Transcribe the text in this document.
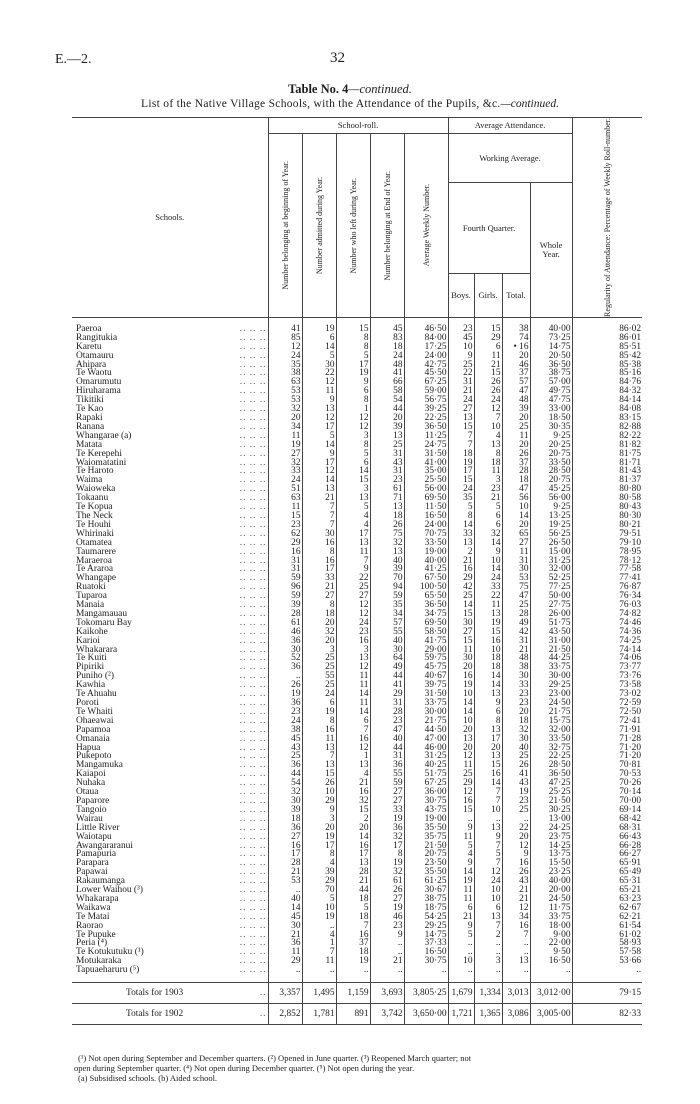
E.—2.	32
Table No. 4—continued.
List of the Native Village Schools, with the Attendance of the Pupils, &c.—continued.
Schools.	School-roll.					Average Attendance.				Regularity of Attendance: Percentage of Weekly Roll-number.

	Number belonging at beginning of Year.	Number admitted during Year.	Number who left during Year.	Number belonging at End of Year.	Average Weekly Number.	Working Average.				
						Fourth Quarter.			Whole Year.	
						Boys.	Girls.	Total.		

Paeroa .. .. ..	41	19	15	45	46·50	23	15	38	40·00	86·02
Rangitukia .. .. ..	85	6	8	83	84·00	45	29	74	73·25	86·01
Karetu .. .. ..	12	14	8	18	17·25	10	6	• 16	14·75	85·51
Otamauru .. .. ..	24	5	5	24	24·00	9	11	20	20·50	85·42
Ahipara .. .. ..	35	30	17	48	42·75	25	21	46	36·50	85·38
Te Waotu .. .. ..	38	22	19	41	45·50	22	15	37	38·75	85·16
Omarumutu .. .. ..	63	12	9	66	67·25	31	26	57	57·00	84·76
Hiruharama .. .. ..	53	11	6	58	59·00	21	26	47	49·75	84·32
Tikitiki .. .. ..	53	9	8	54	56·75	24	24	48	47·75	84·14
Te Kao .. .. ..	32	13	1	44	39·25	27	12	39	33·00	84·08
Rapaki .. .. ..	20	12	12	20	22·25	13	7	20	18·50	83·15
Ranana .. .. ..	34	17	12	39	36·50	15	10	25	30·35	82·88
Whangarae (a) .. .. ..	11	5	3	13	11·25	7	4	11	9·25	82·22
Matata .. .. ..	19	14	8	25	24·75	7	13	20	20·25	81·82
Te Kerepehi .. .. ..	27	9	5	31	31·50	18	8	26	20·75	81·75
Waiomatatini .. .. ..	32	17	6	43	41·00	19	18	37	33·50	81·71
Te Haroto .. .. ..	33	12	14	31	35·00	17	11	28	28·50	81·43
Waima .. .. ..	24	14	15	23	25·50	15	3	18	20·75	81·37
Waioweka .. .. ..	51	13	3	61	56·00	24	23	47	45·25	80·80
Tokaanu .. .. ..	63	21	13	71	69·50	35	21	56	56·00	80·58
Te Kopua .. .. ..	11	7	5	13	11·50	5	5	10	9·25	80·43
The Neck .. .. ..	15	7	4	18	16·50	8	6	14	13·25	80·30
Te Houhi .. .. ..	23	7	4	26	24·00	14	6	20	19·25	80·21
Whirinaki .. .. ..	62	30	17	75	70·75	33	32	65	56·25	79·51
Otamatea .. .. ..	29	16	13	32	33·50	13	14	27	26·50	79·10
Taumarere .. .. ..	16	8	11	13	19·00	2	9	11	15·00	78·95
Maraeroa .. .. ..	31	16	7	40	40·00	21	10	31	31·25	78·12
Te Araroa .. .. ..	31	17	9	39	41·25	16	14	30	32·00	77·58
Whangape .. .. ..	59	33	22	70	67·50	29	24	53	52·25	77·41
Ruatoki .. .. ..	96	21	25	94	100·50	42	33	75	77·25	76·87
Tuparoa .. .. ..	59	27	27	59	65·50	25	22	47	50·00	76·34
Manaia .. .. ..	39	8	12	35	36·50	14	11	25	27·75	76·03
Mangamauau .. .. ..	28	18	12	34	34·75	15	13	28	26·00	74·82
Tokomaru Bay .. .. ..	61	20	24	57	69·50	30	19	49	51·75	74·46
Kaikohe .. .. ..	46	32	23	55	58·50	27	15	42	43·50	74·36
Karioi .. .. ..	36	20	16	40	41·75	15	16	31	31·00	74·25
Whakarara .. .. ..	30	3	3	30	29·00	11	10	21	21·50	74·14
Te Kuiti .. .. ..	52	25	13	64	59·75	30	18	48	44·25	74·06
Pipiriki .. .. ..	36	25	12	49	45·75	20	18	38	33·75	73·77
Puniho (²) .. .. ..	..	55	11	44	40·67	16	14	30	30·00	73·76
Kawhia .. .. ..	26	25	11	41	39·75	19	14	33	29·25	73·58
Te Ahuahu .. .. ..	19	24	14	29	31·50	10	13	23	23·00	73·02
Poroti .. .. ..	36	6	11	31	33·75	14	9	23	24·50	72·59
Te Whaiti .. .. ..	23	19	14	28	30·00	14	6	20	21·75	72·50
Ohaeawai .. .. ..	24	8	6	23	21·75	10	8	18	15·75	72·41
Papamoa .. .. ..	38	16	7	47	44·50	20	13	32	32·00	71·91
Omanaia .. .. ..	45	11	16	40	47·00	13	17	30	33·50	71·28
Hapua .. .. ..	43	13	12	44	46·00	20	20	40	32·75	71·20
Pukepoto .. .. ..	25	7	1	31	31·25	12	13	25	22·25	71·20
Mangamuka .. .. ..	36	13	13	36	40·25	11	15	26	28·50	70·81
Kaiapoi .. .. ..	44	15	4	55	51·75	25	16	41	36·50	70·53
Nuhaka .. .. ..	54	26	21	59	67·25	29	14	43	47·25	70·26
Otaua .. .. ..	32	10	16	27	36·00	12	7	19	25·25	70·14
Paparore .. .. ..	30	29	32	27	30·75	16	7	23	21·50	70·00
Tangoio .. .. ..	39	9	15	33	43·75	15	10	25	30·25	69·14
Wairau .. .. ..	18	3	2	19	19·00	..	..	..	13·00	68·42
Little River .. .. ..	36	20	20	36	35·50	9	13	22	24·25	68·31
Waiotapu .. .. ..	27	19	14	32	35·75	11	9	20	23·75	66·43
Awangararanui .. .. ..	16	17	16	17	21·50	5	7	12	14·25	66·28
Pamapuria .. .. ..	17	8	17	8	20·75	4	5	9	13·75	66·27
Parapara .. .. ..	28	4	13	19	23·50	9	7	16	15·50	65·91
Papawai .. .. ..	21	39	28	32	35·50	14	12	26	23·25	65·49
Rakaumanga .. .. ..	53	29	21	61	61·25	19	24	43	40·00	65·31
Lower Waihou (³) .. .. ..	..	70	44	26	30·67	11	10	21	20·00	65·21
Whakarapa .. .. ..	40	5	18	27	38·75	11	10	21	24·50	63·23
Waikawa .. .. ..	14	10	5	19	18·75	6	6	12	11·75	62·67
Te Matai .. .. ..	45	19	18	46	54·25	21	13	34	33·75	62·21
Raorao .. .. ..	30	..	7	23	29·25	9	7	16	18·00	61·54
Te Pupuke .. .. ..	21	4	16	9	14·75	5	2	7	9·00	61·02
Peria (⁴) .. .. ..	36	1	37	..	37·33	..	..	..	22·00	58·93
Te Kotukutuku (¹) .. .. ..	11	7	18	..	16·50	..	..	..	9·50	57·58
Motukaraka .. .. ..	29	11	19	21	30·75	10	3	13	16·50	53·66
Tapuaeharuru (⁵) .. .. ..	..	..	..	..	..	..	..	..	..	..

Totals for 1903 ..	3,357	1,495	1,159	3,693	3,805·25	1,679	1,334	3,013	3,012·00	79·15
Totals for 1902 ..	2,852	1,781	891	3,742	3,650·00	1,721	1,365	3,086	3,005·00	82·33
(¹) Not open during September and December quarters. (²) Opened in June quarter. (³) Reopened March quarter; not
open during September quarter. (⁴) Not open during December quarter. (⁵) Not open during the year.
(a) Subsidised schools. (b) Aided school.
